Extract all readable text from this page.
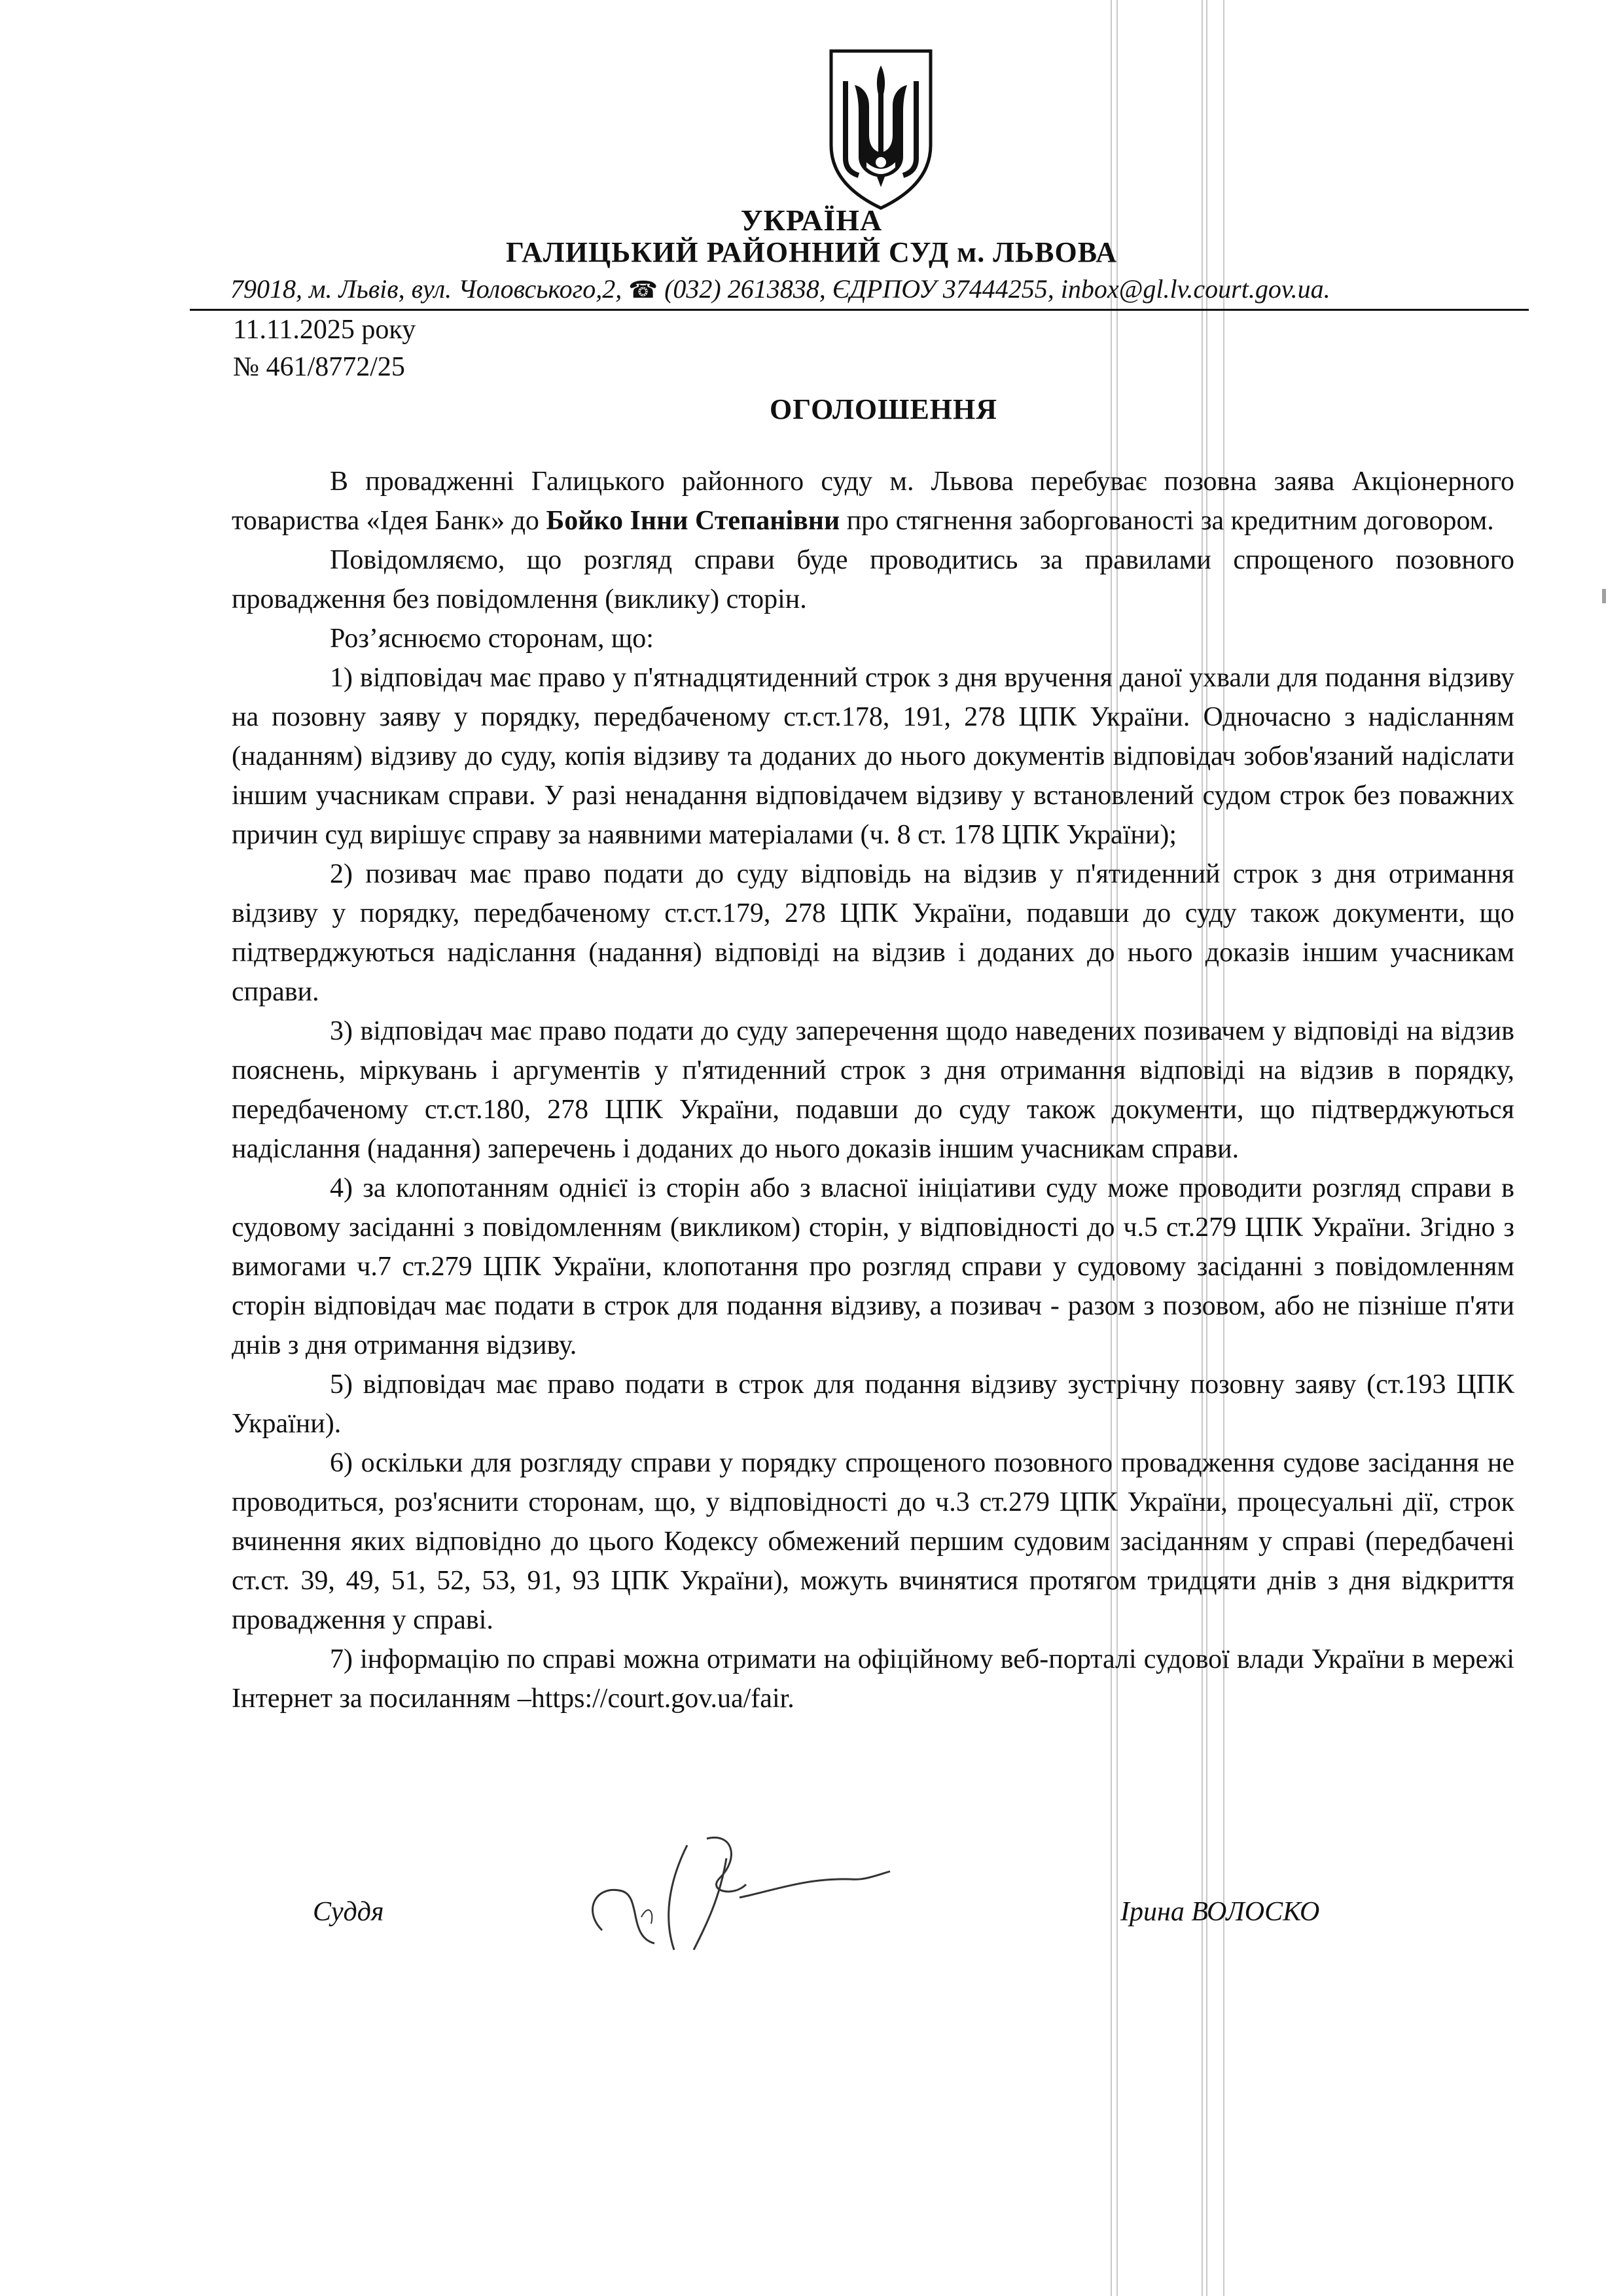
УКРАЇНА
ГАЛИЦЬКИЙ РАЙОННИЙ СУД м. ЛЬВОВА
79018, м. Львів, вул. Чоловського,2, ☎ (032) 2613838, ЄДРПОУ 37444255, inbox@gl.lv.court.gov.ua.
11.11.2025 року
№ 461/8772/25
ОГОЛОШЕННЯ

В провадженні Галицького районного суду м. Львова перебуває позовна заява Акціонерного товариства «Ідея Банк» до Бойко Інни Степанівни про стягнення заборгованості за кредитним договором.

Повідомляємо, що розгляд справи буде проводитись за правилами спрощеного позовного провадження без повідомлення (виклику) сторін.

Роз’яснюємо сторонам, що:

1) відповідач має право у п'ятнадцятиденний строк з дня вручення даної ухвали для подання відзиву на позовну заяву у порядку, передбаченому ст.ст.178, 191, 278 ЦПК України. Одночасно з надісланням (наданням) відзиву до суду, копія відзиву та доданих до нього документів відповідач зобов'язаний надіслати іншим учасникам справи. У разі ненадання відповідачем відзиву у встановлений судом строк без поважних причин суд вирішує справу за наявними матеріалами (ч. 8 ст. 178 ЦПК України);

2) позивач має право подати до суду відповідь на відзив у п'ятиденний строк з дня отримання відзиву у порядку, передбаченому ст.ст.179, 278 ЦПК України, подавши до суду також документи, що підтверджуються надіслання (надання) відповіді на відзив і доданих до нього доказів іншим учасникам справи.

3) відповідач має право подати до суду заперечення щодо наведених позивачем у відповіді на відзив пояснень, міркувань і аргументів у п'ятиденний строк з дня отримання відповіді на відзив в порядку, передбаченому ст.ст.180, 278 ЦПК України, подавши до суду також документи, що підтверджуються надіслання (надання) заперечень і доданих до нього доказів іншим учасникам справи.

4) за клопотанням однієї із сторін або з власної ініціативи суду може проводити розгляд справи в судовому засіданні з повідомленням (викликом) сторін, у відповідності до ч.5 ст.279 ЦПК України. Згідно з вимогами ч.7 ст.279 ЦПК України, клопотання про розгляд справи у судовому засіданні з повідомленням сторін відповідач має подати в строк для подання відзиву, а позивач - разом з позовом, або не пізніше п'яти днів з дня отримання відзиву.

5) відповідач має право подати в строк для подання відзиву зустрічну позовну заяву (ст.193 ЦПК України).

6) оскільки для розгляду справи у порядку спрощеного позовного провадження судове засідання не проводиться, роз'яснити сторонам, що, у відповідності до ч.3 ст.279 ЦПК України, процесуальні дії, строк вчинення яких відповідно до цього Кодексу обмежений першим судовим засіданням у справі (передбачені ст.ст. 39, 49, 51, 52, 53, 91, 93 ЦПК України), можуть вчинятися протягом тридцяти днів з дня відкриття провадження у справі.

7) інформацію по справі можна отримати на офіційному веб-порталі судової влади України в мережі Інтернет за посиланням –https://court.gov.ua/fair.

Суддя	Ірина ВОЛОСКО
